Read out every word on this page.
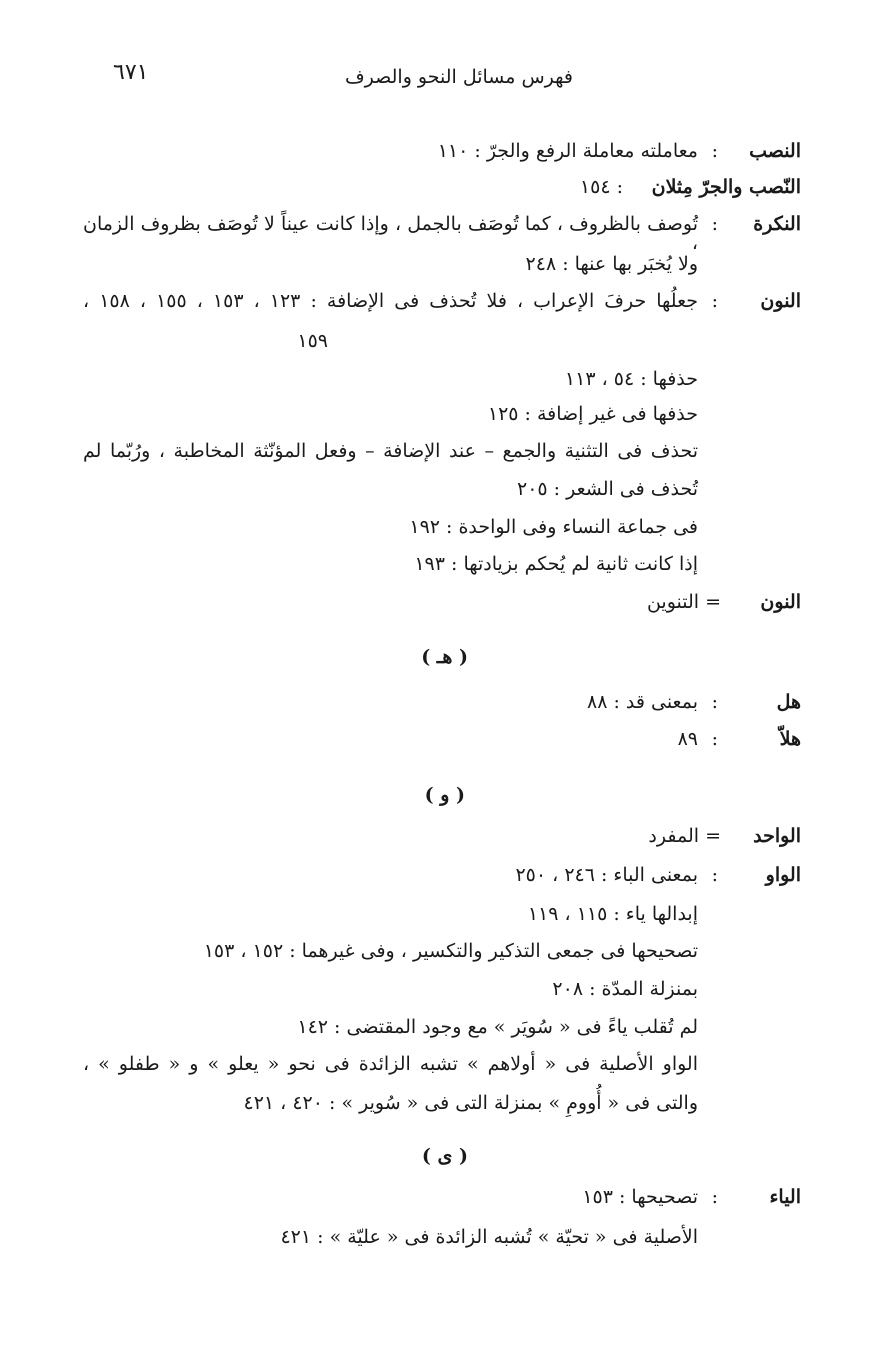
فهرس مسائل النحو والصرف
٦٧١
النصب
:
معاملته معاملة الرفع والجرّ : ١١٠
النّصب والجرّ مِثلان
: ١٥٤
النكرة
:
تُوصف بالظروف ، كما تُوصَف بالجمل ، وإذا كانت عيناً لا تُوصَف بظروف الزمان ،
ولا يُخبَر بها عنها : ٢٤٨
النون
:
جعلُها حرفَ الإعراب ، فلا تُحذف فى الإضافة : ١٢٣ ، ١٥٣ ، ١٥٥ ، ١٥٨ ،
١٥٩
حذفها : ٥٤ ، ١١٣
حذفها فى غير إضافة : ١٢٥
تحذف فى التثنية والجمع – عند الإضافة – وفعل المؤنّثة المخاطبة ، ورُبّما لم
تُحذف فى الشعر : ٢٠٥
فى جماعة النساء وفى الواحدة : ١٩٢
إذا كانت ثانية لم يُحكم بزيادتها : ١٩٣
النون
= التنوين
( هـ )
هل
:
بمعنى قد : ٨٨
هلاّ
:
٨٩
( و )
الواحد
= المفرد
الواو
:
بمعنى الباء : ٢٤٦ ، ٢٥٠
إبدالها ياء : ١١٥ ، ١١٩
تصحيحها فى جمعى التذكير والتكسير ، وفى غيرهما : ١٥٢ ، ١٥٣
بمنزلة المدّة : ٢٠٨
لم تُقلب ياءً فى « سُويَر » مع وجود المقتضى : ١٤٢
الواو الأصلية فى « أولاهم » تشبه الزائدة فى نحو « يعلو » و « طفلو » ،
والتى فى « أُوومِ » بمنزلة التى فى « سُوير » : ٤٢٠ ، ٤٢١
( ى )
الياء
:
تصحيحها : ١٥٣
الأصلية فى « تحيّة » تُشبه الزائدة فى « عليّة » : ٤٢١
